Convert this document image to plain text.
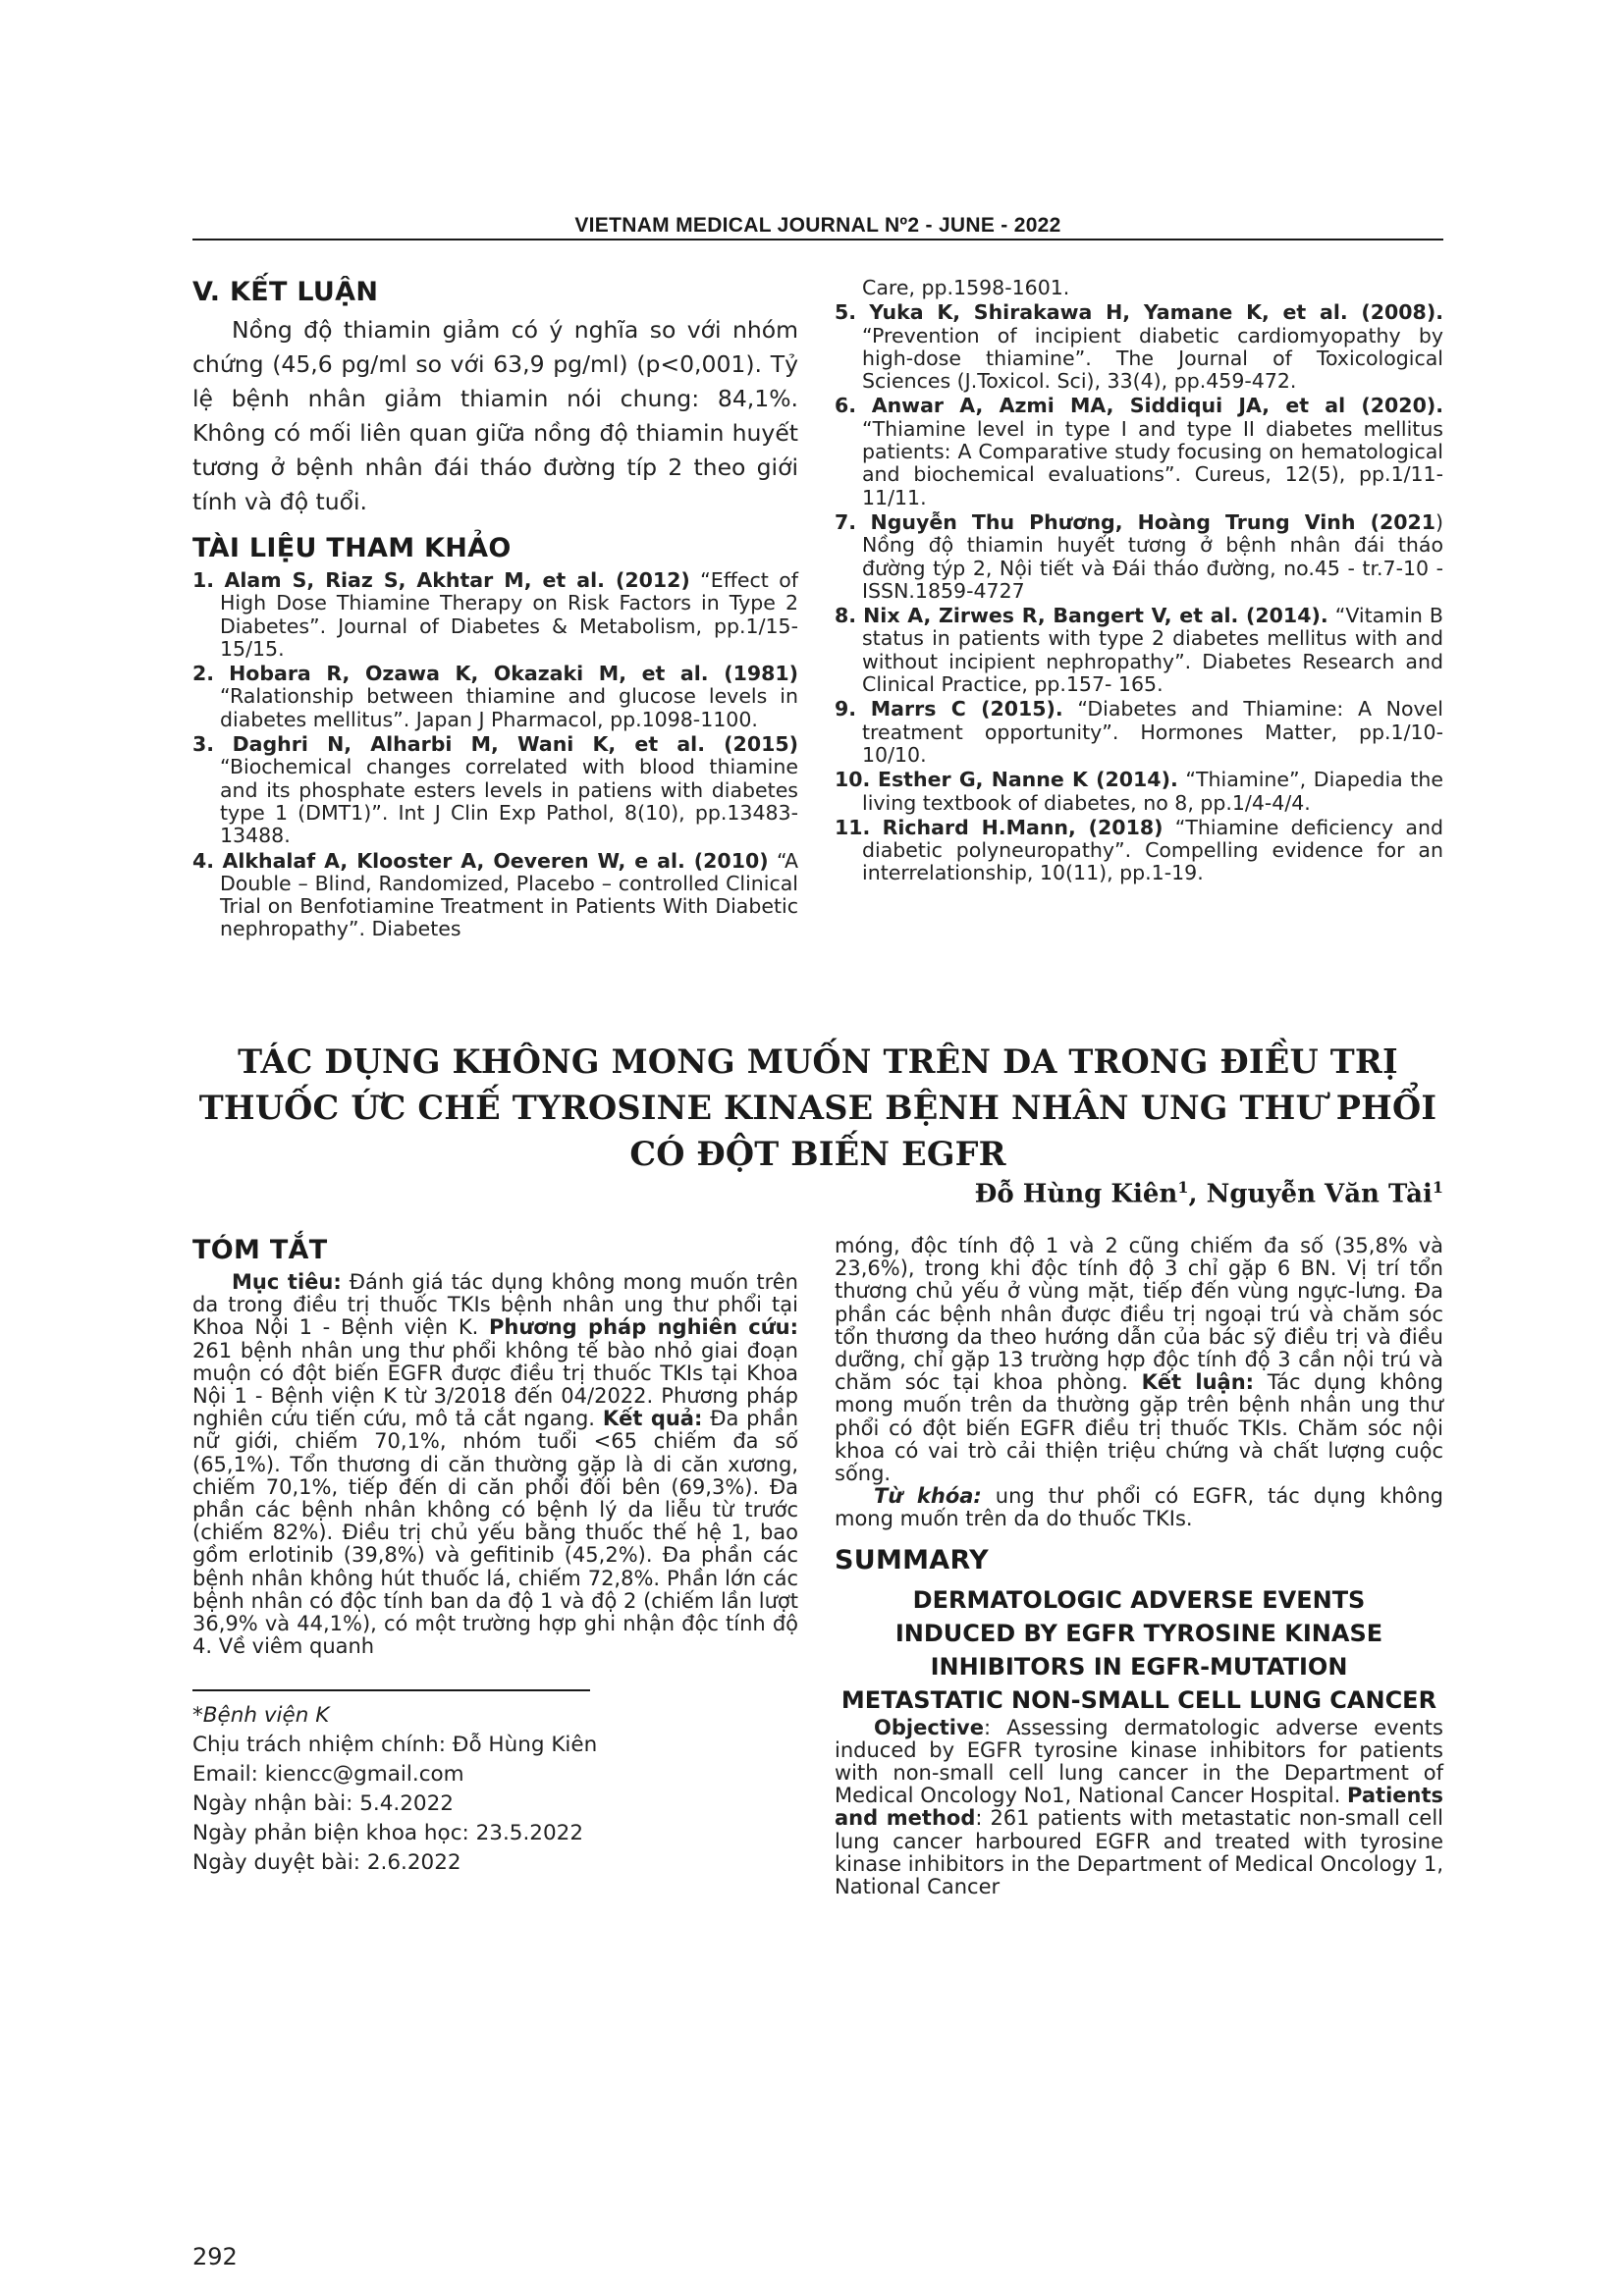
VIETNAM MEDICAL JOURNAL Nº2 - JUNE - 2022
V. KẾT LUẬN

Nồng độ thiamin giảm có ý nghĩa so với nhóm chứng (45,6 pg/ml so với 63,9 pg/ml) (p<0,001). Tỷ lệ bệnh nhân giảm thiamin nói chung: 84,1%. Không có mối liên quan giữa nồng độ thiamin huyết tương ở bệnh nhân đái tháo đường típ 2 theo giới tính và độ tuổi.

TÀI LIỆU THAM KHẢO
1. Alam S, Riaz S, Akhtar M, et al. (2012) “Effect of High Dose Thiamine Therapy on Risk Factors in Type 2 Diabetes”. Journal of Diabetes & Metabolism, pp.1/15-15/15.
2. Hobara R, Ozawa K, Okazaki M, et al. (1981) “Ralationship between thiamine and glucose levels in diabetes mellitus”. Japan J Pharmacol, pp.1098-1100.
3. Daghri N, Alharbi M, Wani K, et al. (2015) “Biochemical changes correlated with blood thiamine and its phosphate esters levels in patiens with diabetes type 1 (DMT1)”. Int J Clin Exp Pathol, 8(10), pp.13483-13488.
4. Alkhalaf A, Klooster A, Oeveren W, e al. (2010) “A Double – Blind, Randomized, Placebo – controlled Clinical Trial on Benfotiamine Treatment in Patients With Diabetic nephropathy”. Diabetes

Care, pp.1598-1601.

5. Yuka K, Shirakawa H, Yamane K, et al. (2008). “Prevention of incipient diabetic cardiomyopathy by high-dose thiamine”. The Journal of Toxicological Sciences (J.Toxicol. Sci), 33(4), pp.459-472.
6. Anwar A, Azmi MA, Siddiqui JA, et al (2020). “Thiamine level in type I and type II diabetes mellitus patients: A Comparative study focusing on hematological and biochemical evaluations”. Cureus, 12(5), pp.1/11-11/11.
7. Nguyễn Thu Phương, Hoàng Trung Vinh (2021) Nồng độ thiamin huyết tương ở bệnh nhân đái tháo đường týp 2, Nội tiết và Đái tháo đường, no.45 - tr.7-10 - ISSN.1859-4727
8. Nix A, Zirwes R, Bangert V, et al. (2014). “Vitamin B status in patients with type 2 diabetes mellitus with and without incipient nephropathy”. Diabetes Research and Clinical Practice, pp.157- 165.
9. Marrs C (2015). “Diabetes and Thiamine: A Novel treatment opportunity”. Hormones Matter, pp.1/10- 10/10.
10. Esther G, Nanne K (2014). “Thiamine”, Diapedia the living textbook of diabetes, no 8, pp.1/4-4/4.
11. Richard H.Mann, (2018) “Thiamine deficiency and diabetic polyneuropathy”. Compelling evidence for an interrelationship, 10(11), pp.1-19.
TÁC DỤNG KHÔNG MONG MUỐN TRÊN DA TRONG ĐIỀU TRỊ
THUỐC ỨC CHẾ TYROSINE KINASE BỆNH NHÂN UNG THƯ PHỔI
CÓ ĐỘT BIẾN EGFR
Đỗ Hùng Kiên$^1$, Nguyễn Văn Tài$^1$
TÓM TẮT

Mục tiêu: Đánh giá tác dụng không mong muốn trên da trong điều trị thuốc TKIs bệnh nhân ung thư phổi tại Khoa Nội 1 - Bệnh viện K. Phương pháp nghiên cứu: 261 bệnh nhân ung thư phổi không tế bào nhỏ giai đoạn muộn có đột biến EGFR được điều trị thuốc TKIs tại Khoa Nội 1 - Bệnh viện K từ 3/2018 đến 04/2022. Phương pháp nghiên cứu tiến cứu, mô tả cắt ngang. Kết quả: Đa phần nữ giới, chiếm 70,1%, nhóm tuổi <65 chiếm đa số (65,1%). Tổn thương di căn thường gặp là di căn xương, chiếm 70,1%, tiếp đến di căn phổi đối bên (69,3%). Đa phần các bệnh nhân không có bệnh lý da liễu từ trước (chiếm 82%). Điều trị chủ yếu bằng thuốc thế hệ 1, bao gồm erlotinib (39,8%) và gefitinib (45,2%). Đa phần các bệnh nhân không hút thuốc lá, chiếm 72,8%. Phần lớn các bệnh nhân có độc tính ban da độ 1 và độ 2 (chiếm lần lượt 36,9% và 44,1%), có một trường hợp ghi nhận độc tính độ 4. Về viêm quanh

*Bệnh viện K

Chịu trách nhiệm chính: Đỗ Hùng Kiên

Email: kiencc@gmail.com

Ngày nhận bài: 5.4.2022

Ngày phản biện khoa học: 23.5.2022

Ngày duyệt bài: 2.6.2022

móng, độc tính độ 1 và 2 cũng chiếm đa số (35,8% và 23,6%), trong khi độc tính độ 3 chỉ gặp 6 BN. Vị trí tổn thương chủ yếu ở vùng mặt, tiếp đến vùng ngực-lưng. Đa phần các bệnh nhân được điều trị ngoại trú và chăm sóc tổn thương da theo hướng dẫn của bác sỹ điều trị và điều dưỡng, chỉ gặp 13 trường hợp độc tính độ 3 cần nội trú và chăm sóc tại khoa phòng. Kết luận: Tác dụng không mong muốn trên da thường gặp trên bệnh nhân ung thư phổi có đột biến EGFR điều trị thuốc TKIs. Chăm sóc nội khoa có vai trò cải thiện triệu chứng và chất lượng cuộc sống.

Từ khóa: ung thư phổi có EGFR, tác dụng không mong muốn trên da do thuốc TKIs.

SUMMARY
DERMATOLOGIC ADVERSE EVENTS
INDUCED BY EGFR TYROSINE KINASE
INHIBITORS IN EGFR-MUTATION
METASTATIC NON-SMALL CELL LUNG CANCER

Objective: Assessing dermatologic adverse events induced by EGFR tyrosine kinase inhibitors for patients with non-small cell lung cancer in the Department of Medical Oncology No1, National Cancer Hospital. Patients and method: 261 patients with metastatic non-small cell lung cancer harboured EGFR and treated with tyrosine kinase inhibitors in the Department of Medical Oncology 1, National Cancer

292
